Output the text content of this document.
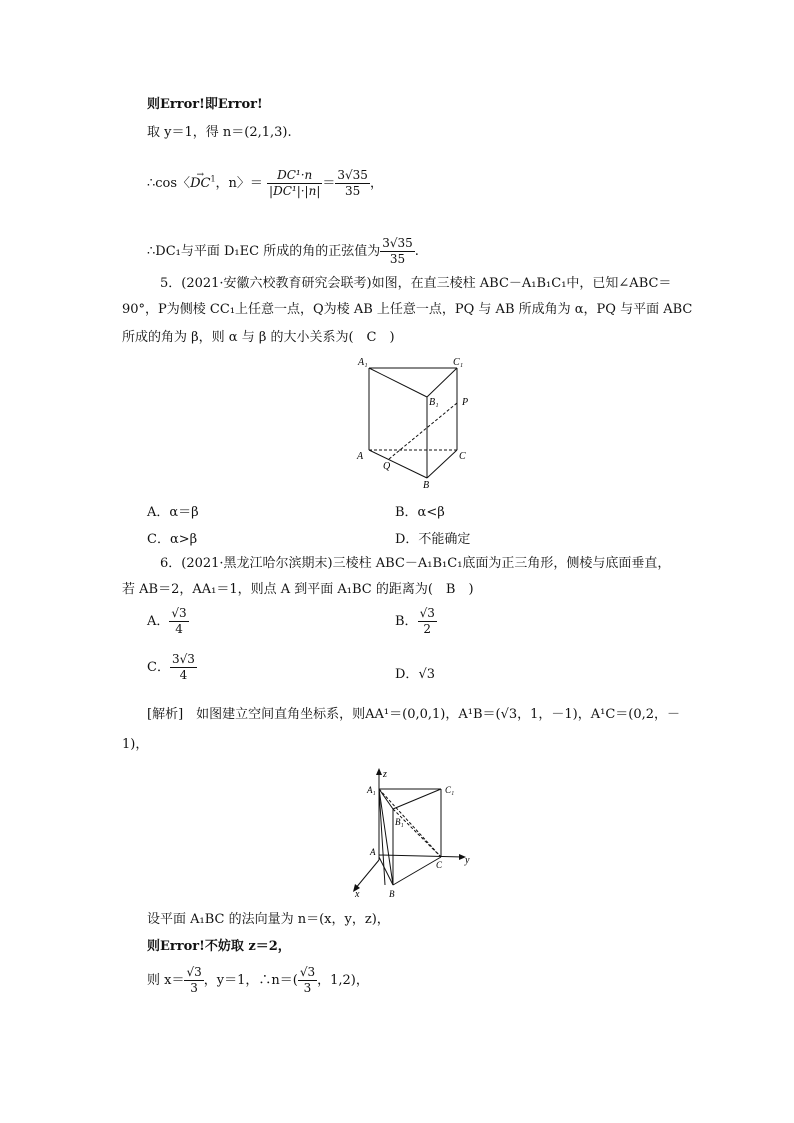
则Error!即Error!
取 y＝1，得 n＝(2,1,3).
∴cos〈→ $DC^1$，n〉＝ $\frac{\text{DC¹·n}}{\text{|DC¹|·|n|}} = \frac{3√35}{35}$ ，
∴DC₁与平面 D₁EC 所成的角的正弦值为 $\frac{3√35}{35}$ .
5．(2021·安徽六校教育研究会联考)如图，在直三棱柱 ABC－A₁B₁C₁中，已知∠ABC＝
90°，P为侧棱 CC₁上任意一点，Q为棱 AB 上任意一点，PQ 与 AB 所成角为 α，PQ 与平面 ABC
所成的角为 β，则 α 与 β 的大小关系为(　C　)
A₁	C₁
B₁ P
A
Q
C
B
A．α＝β	B．α<β
C．α>β	D．不能确定
6．(2021·黑龙江哈尔滨期末)三棱柱 ABC－A₁B₁C₁底面为正三角形，侧棱与底面垂直，
若 AB＝2，AA₁＝1，则点 A 到平面 A₁BC 的距离为(　B　)
A． $\frac{√3}{4}$	B． $\frac{√3}{2}$
C． $\frac{3√3}{4}$	D．√3
[解析]　如图建立空间直角坐标系，则AA¹＝(0,0,1)，A¹B＝(√3，1，－1)，A¹C＝(0,2，－
1)，
z
A₁	C₁
B₁
A
C y
x	B
设平面 A₁BC 的法向量为 n＝(x，y，z)，
则Error!不妨取 z＝2，
则 $x= \frac{√3}{3}$ ，y＝1，∴n＝( $\frac{√3}{3}$ ，1,2)，
